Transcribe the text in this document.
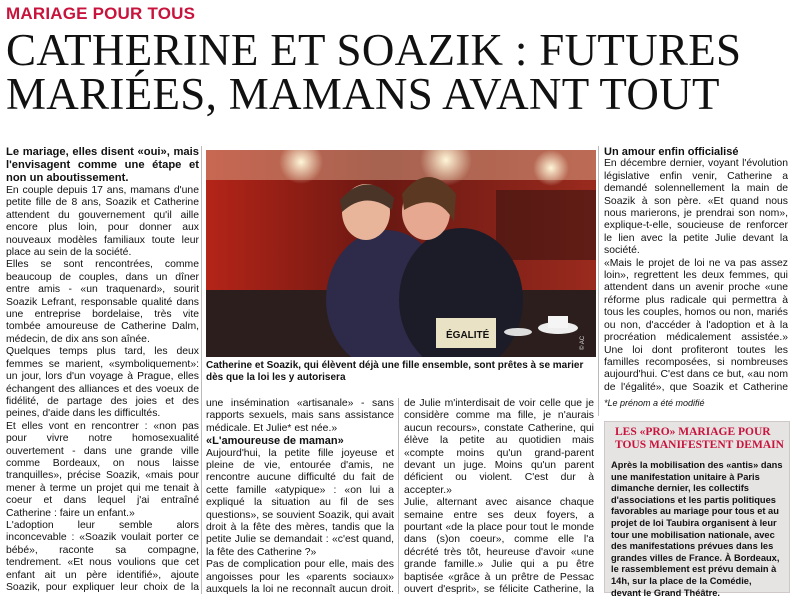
MARIAGE POUR TOUS
CATHERINE ET SOAZIK : FUTURES
MARIÉES, MAMANS AVANT TOUT

Le mariage, elles disent «oui», mais l'envisagent comme une étape et non un aboutissement.

En couple depuis 17 ans, mamans d'une petite fille de 8 ans, Soazik et Catherine attendent du gouvernement qu'il aille encore plus loin, pour donner aux nouveaux modèles familiaux toute leur place au sein de la société.

Elles se sont rencontrées, comme beaucoup de couples, dans un dîner entre amis - «un traquenard», sourit Soazik Lefrant, responsable qualité dans une entreprise bordelaise, très vite tombée amoureuse de Catherine Dalm, médecin, de dix ans son aînée.

Quelques temps plus tard, les deux femmes se marient, «symboliquement»: un jour, lors d'un voyage à Prague, elles échangent des alliances et des voeux de fidélité, de partage des joies et des peines, d'aide dans les difficultés.

Et elles vont en rencontrer : «non pas pour vivre notre homosexualité ouvertement - dans une grande ville comme Bordeaux, on nous laisse tranquilles», précise Soazik, «mais pour mener à terme un projet qui me tenait à coeur et dans lequel j'ai entraîné Catherine : faire un enfant.»

L'adoption leur semble alors inconcevable : «Soazik voulait porter ce bébé», raconte sa compagne, tendrement. «Et nous voulions que cet enfant ait un père identifié», ajoute Soazik, pour expliquer leur choix de la

ÉGALITÉ
© AC
Catherine et Soazik, qui élèvent déjà une fille ensemble, sont prêtes à se marier dès que la loi les y autorisera

une insémination «artisanale» - sans rapports sexuels, mais sans assistance médicale. Et Julie* est née.»

«L'amoureuse de maman»

Aujourd'hui, la petite fille joyeuse et pleine de vie, entourée d'amis, ne rencontre aucune difficulté du fait de cette famille «atypique» : «on lui a expliqué la situation au fil de ses questions», se souvient Soazik, qui avait droit à la fête des mères, tandis que la petite Julie se demandait : «c'est quand, la fête des Catherine ?»

Pas de complication pour elle, mais des angoisses pour les «parents sociaux» auxquels la loi ne reconnaît aucun droit.

de Julie m'interdisait de voir celle que je considère comme ma fille, je n'aurais aucun recours», constate Catherine, qui élève la petite au quotidien mais «compte moins qu'un grand-parent devant un juge. Moins qu'un parent déficient ou violent. C'est dur à accepter.»

Julie, alternant avec aisance chaque semaine entre ses deux foyers, a pourtant «de la place pour tout le monde dans (s)on coeur», comme elle l'a décrété très tôt, heureuse d'avoir «une grande famille.» Julie qui a pu être baptisée «grâce à un prêtre de Pessac ouvert d'esprit», se félicite Catherine, la

Un amour enfin officialisé

En décembre dernier, voyant l'évolution législative enfin venir, Catherine a demandé solennellement la main de Soazik à son père. «Et quand nous nous marierons, je prendrai son nom», explique-t-elle, soucieuse de renforcer le lien avec la petite Julie devant la société.

«Mais le projet de loi ne va pas assez loin», regrettent les deux femmes, qui attendent dans un avenir proche «une réforme plus radicale qui permettra à tous les couples, homos ou non, mariés ou non, d'accéder à l'adoption et à la procréation médicalement assistée.» Une loi dont profiteront toutes les familles recomposées, si nombreuses aujourd'hui. C'est dans ce but, «au nom de l'égalité», que Soazik et Catherine

*Le prénom a été modifié
LES «PRO» MARIAGE POUR TOUS MANIFESTENT DEMAIN
Après la mobilisation des «antis» dans une manifestation unitaire à Paris dimanche dernier, les collectifs d'associations et les partis politiques favorables au mariage pour tous et au projet de loi Taubira organisent à leur tour une mobilisation nationale, avec des manifestations prévues dans les grandes villes de France. À Bordeaux, le rassemblement est prévu demain à 14h, sur la place de la Comédie, devant le Grand Théâtre.
